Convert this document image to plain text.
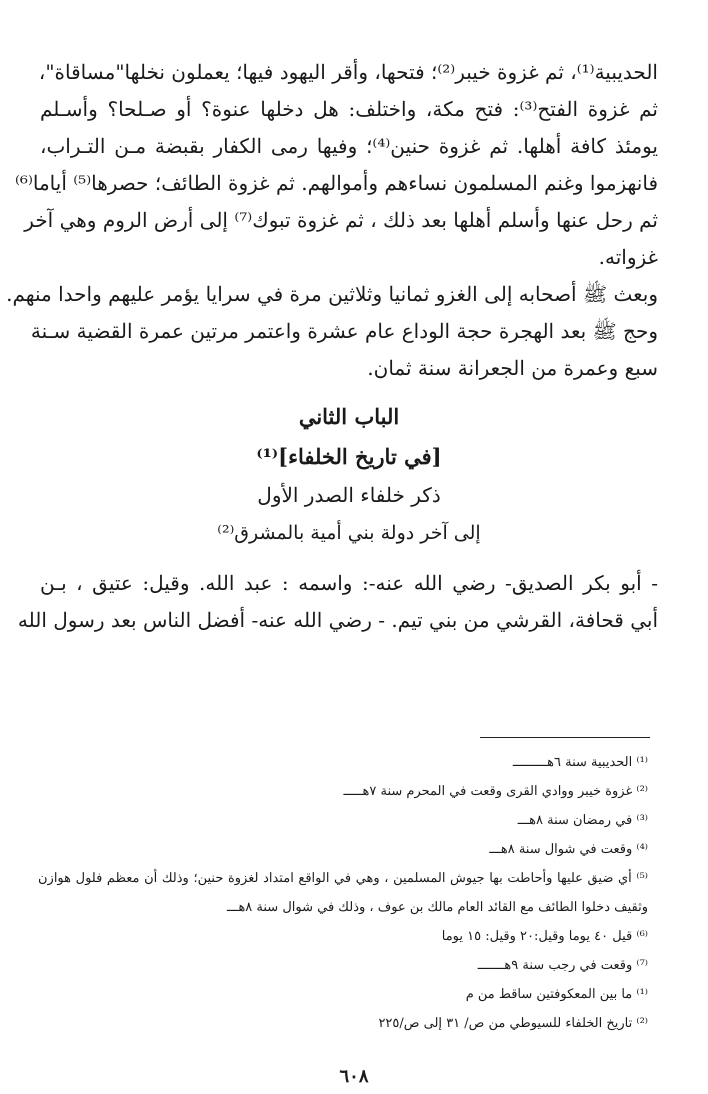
الحديبية⁽¹⁾، ثم غزوة خيبر⁽²⁾؛ فتحها، وأقر اليهود فيها؛ يعملون نخلها"مساقاة"،
ثم غزوة الفتح⁽³⁾: فتح مكة، واختلف: هل دخلها عنوة؟ أو صـلحا؟ وأسـلم
يومئذ كافة أهلها. ثم غزوة حنين⁽⁴⁾؛ وفيها رمى الكفار بقبضة مـن التـراب،
فانهزموا وغنم المسلمون نساءهم وأموالهم. ثم غزوة الطائف؛ حصرها⁽⁵⁾ أياما⁽⁶⁾
ثم رحل عنها وأسلم أهلها بعد ذلك ، ثم غزوة تبوك⁽⁷⁾ إلى أرض الروم وهي آخر
غزواته.
وبعث ﷺ أصحابه إلى الغزو ثمانيا وثلاثين مرة في سرايا يؤمر عليهم واحدا منهم.
وحج ﷺ بعد الهجرة حجة الوداع عام عشرة واعتمر مرتين عمرة القضية سـنة
سبع وعمرة من الجعرانة سنة ثمان.
الباب الثاني
[في تاريخ الخلفاء]⁽¹⁾
ذكر خلفاء الصدر الأول
إلى آخر دولة بني أمية بالمشرق⁽²⁾
- أبو بكر الصديق- رضي الله عنه-: واسمه : عبد الله. وقيل: عتيق ، بـن
أبي قحافة، القرشي من بني تيم. - رضي الله عنه- أفضل الناس بعد رسول الله
⁽¹⁾ الحديبية سنة ٦هـــــــــ
⁽²⁾ غزوة خيبر ووادي القرى وقعت في المحرم سنة ٧هـــــ
⁽³⁾ في رمضان سنة ٨هـــ
⁽⁴⁾ وقعت في شوال سنة ٨هـــ
⁽⁵⁾ أي ضيق عليها وأحاطت بها جيوش المسلمين ، وهي في الواقع امتداد لغزوة حنين؛ وذلك أن معظم فلول هوازن
وثقيف دخلوا الطائف مع القائد العام مالك بن عوف ، وذلك في شوال سنة ٨هـــ
⁽⁶⁾ قيل ٤٠ يوما وقيل:٢٠ وقيل: ١٥ يوما
⁽⁷⁾ وقعت في رجب سنة ٩هـــــــ
⁽¹⁾ ما بين المعكوفتين ساقط من م
⁽²⁾ تاريخ الخلفاء للسيوطي من ص/ ٣١ إلى ص/٢٢٥
٦٠٨
